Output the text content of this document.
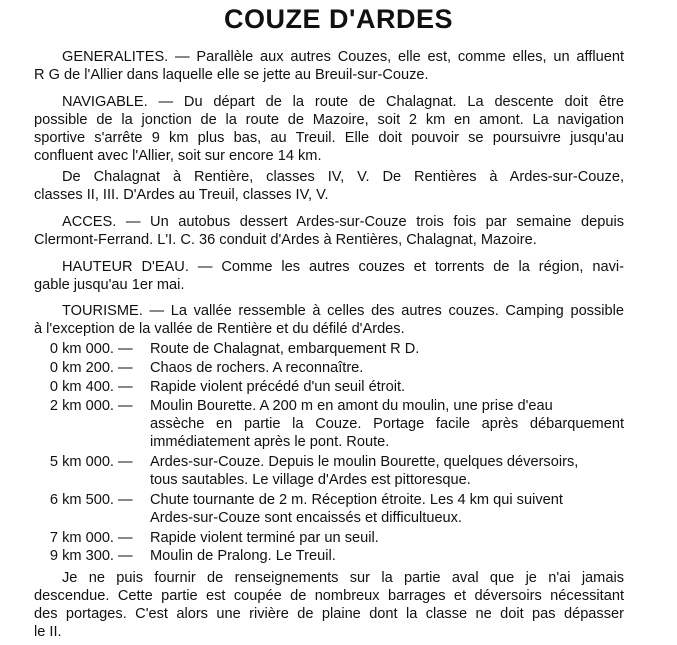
COUZE D'ARDES
GENERALITES. — Parallèle aux autres Couzes, elle est, comme elles, un affluent
R G de l'Allier dans laquelle elle se jette au Breuil-sur-Couze.
NAVIGABLE. — Du départ de la route de Chalagnat. La descente doit être
possible de la jonction de la route de Mazoire, soit 2 km en amont. La navigation
sportive s'arrête 9 km plus bas, au Treuil. Elle doit pouvoir se poursuivre jusqu'au
confluent avec l'Allier, soit sur encore 14 km.
De Chalagnat à Rentière, classes IV, V. De Rentières à Ardes-sur-Couze,
classes II, III. D'Ardes au Treuil, classes IV, V.
ACCES. — Un autobus dessert Ardes-sur-Couze trois fois par semaine depuis
Clermont-Ferrand. L'I. C. 36 conduit d'Ardes à Rentières, Chalagnat, Mazoire.
HAUTEUR D'EAU. — Comme les autres couzes et torrents de la région, navi-
gable jusqu'au 1er mai.
TOURISME. — La vallée ressemble à celles des autres couzes. Camping possible
à l'exception de la vallée de Rentière et du défilé d'Ardes.
0 km 000. — Route de Chalagnat, embarquement R D.
0 km 200. — Chaos de rochers. A reconnaître.
0 km 400. — Rapide violent précédé d'un seuil étroit.
2 km 000. — Moulin Bourette. A 200 m en amont du moulin, une prise d'eau
assèche en partie la Couze. Portage facile après débarquement
immédiatement après le pont. Route.
5 km 000. — Ardes-sur-Couze. Depuis le moulin Bourette, quelques déversoirs,
tous sautables. Le village d'Ardes est pittoresque.
6 km 500. — Chute tournante de 2 m. Réception étroite. Les 4 km qui suivent
Ardes-sur-Couze sont encaissés et difficultueux.
7 km 000. — Rapide violent terminé par un seuil.
9 km 300. — Moulin de Pralong. Le Treuil.
Je ne puis fournir de renseignements sur la partie aval que je n'ai jamais
descendue. Cette partie est coupée de nombreux barrages et déversoirs nécessitant
des portages. C'est alors une rivière de plaine dont la classe ne doit pas dépasser
le II.
